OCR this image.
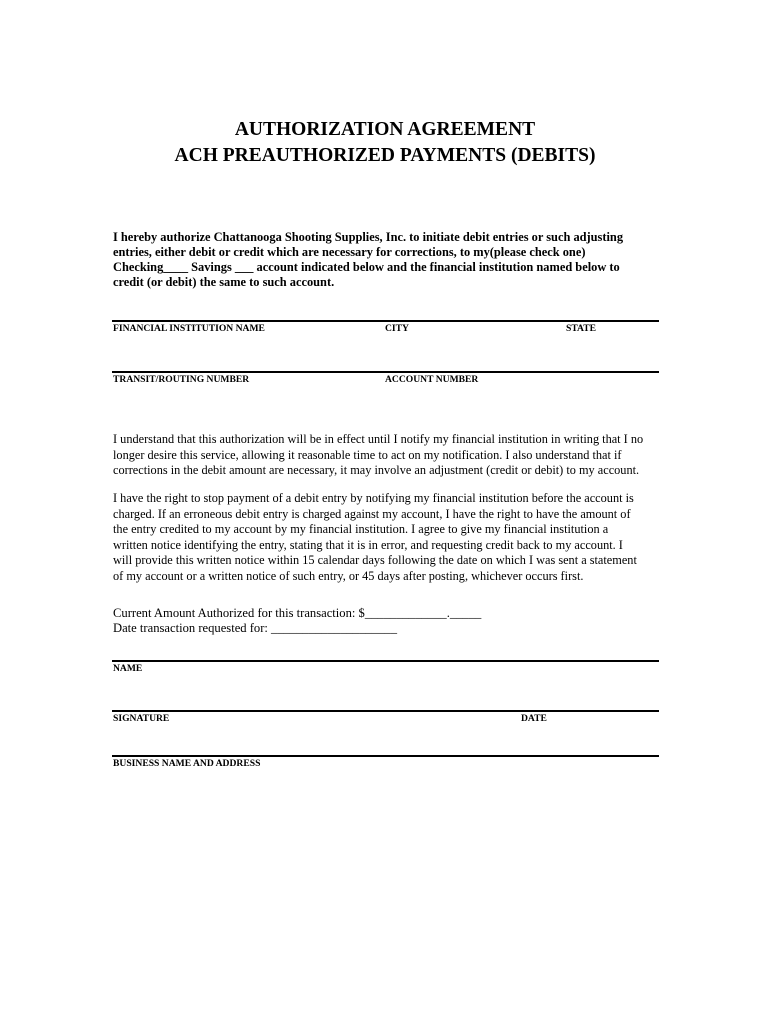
AUTHORIZATION AGREEMENT
ACH PREAUTHORIZED PAYMENTS (DEBITS)
I hereby authorize Chattanooga Shooting Supplies, Inc. to initiate debit entries or such adjusting
entries, either debit or credit which are necessary for corrections, to my(please check one)
Checking____ Savings ___ account indicated below and the financial institution named below to
credit (or debit) the same to such account.
FINANCIAL INSTITUTION NAME	CITY	STATE
TRANSIT/ROUTING NUMBER	ACCOUNT NUMBER
I understand that this authorization will be in effect until I notify my financial institution in writing that I no
longer desire this service, allowing it reasonable time to act on my notification. I also understand that if
corrections in the debit amount are necessary, it may involve an adjustment (credit or debit) to my account.
I have the right to stop payment of a debit entry by notifying my financial institution before the account is
charged. If an erroneous debit entry is charged against my account, I have the right to have the amount of
the entry credited to my account by my financial institution. I agree to give my financial institution a
written notice identifying the entry, stating that it is in error, and requesting credit back to my account. I
will provide this written notice within 15 calendar days following the date on which I was sent a statement
of my account or a written notice of such entry, or 45 days after posting, whichever occurs first.
Current Amount Authorized for this transaction: $_____________._____
Date transaction requested for: ____________________
NAME
SIGNATURE	DATE
BUSINESS NAME AND ADDRESS
